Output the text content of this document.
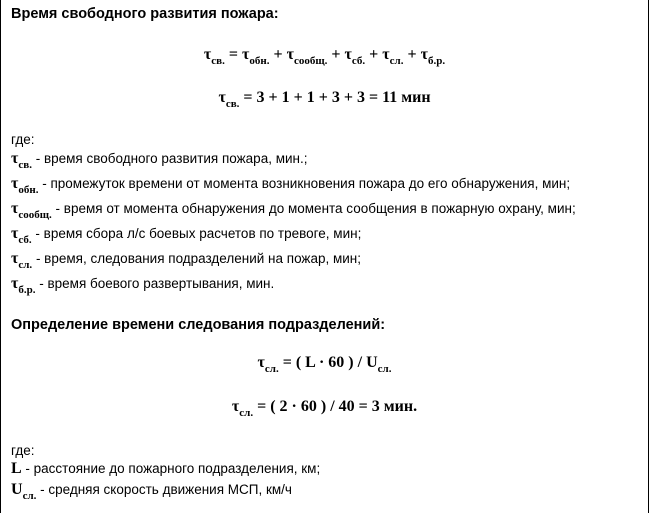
Время свободного развития пожара:
$\tau_{св.} = \tau_{обн.} + \tau_{сообщ.} + \tau_{сб.} + \tau_{сл.} + \tau_{б.р.}$
$\tau_{св.} = 3 + 1 + 1 + 3 + 3 = 11$ мин
где:
$\tau_{св.}$ - время свободного развития пожара, мин.;
$\tau_{обн.}$ - промежуток времени от момента возникновения пожара до его обнаружения, мин;
$\tau_{сообщ.}$ - время от момента обнаружения до момента сообщения в пожарную охрану, мин;
$\tau_{сб.}$ - время сбора л/с боевых расчетов по тревоге, мин;
$\tau_{сл.}$ - время, следования подразделений на пожар, мин;
$\tau_{б.р.}$ - время боевого развертывания, мин.
Определение времени следования подразделений:
$\tau_{сл.}$ = ( L · 60 ) / $U_{сл.}$
$\tau_{сл.}$ = ( 2 · 60 ) / 40 = 3 мин.
где:
L - расстояние до пожарного подразделения, км;
$U_{сл.}$ - средняя скорость движения МСП, км/ч
